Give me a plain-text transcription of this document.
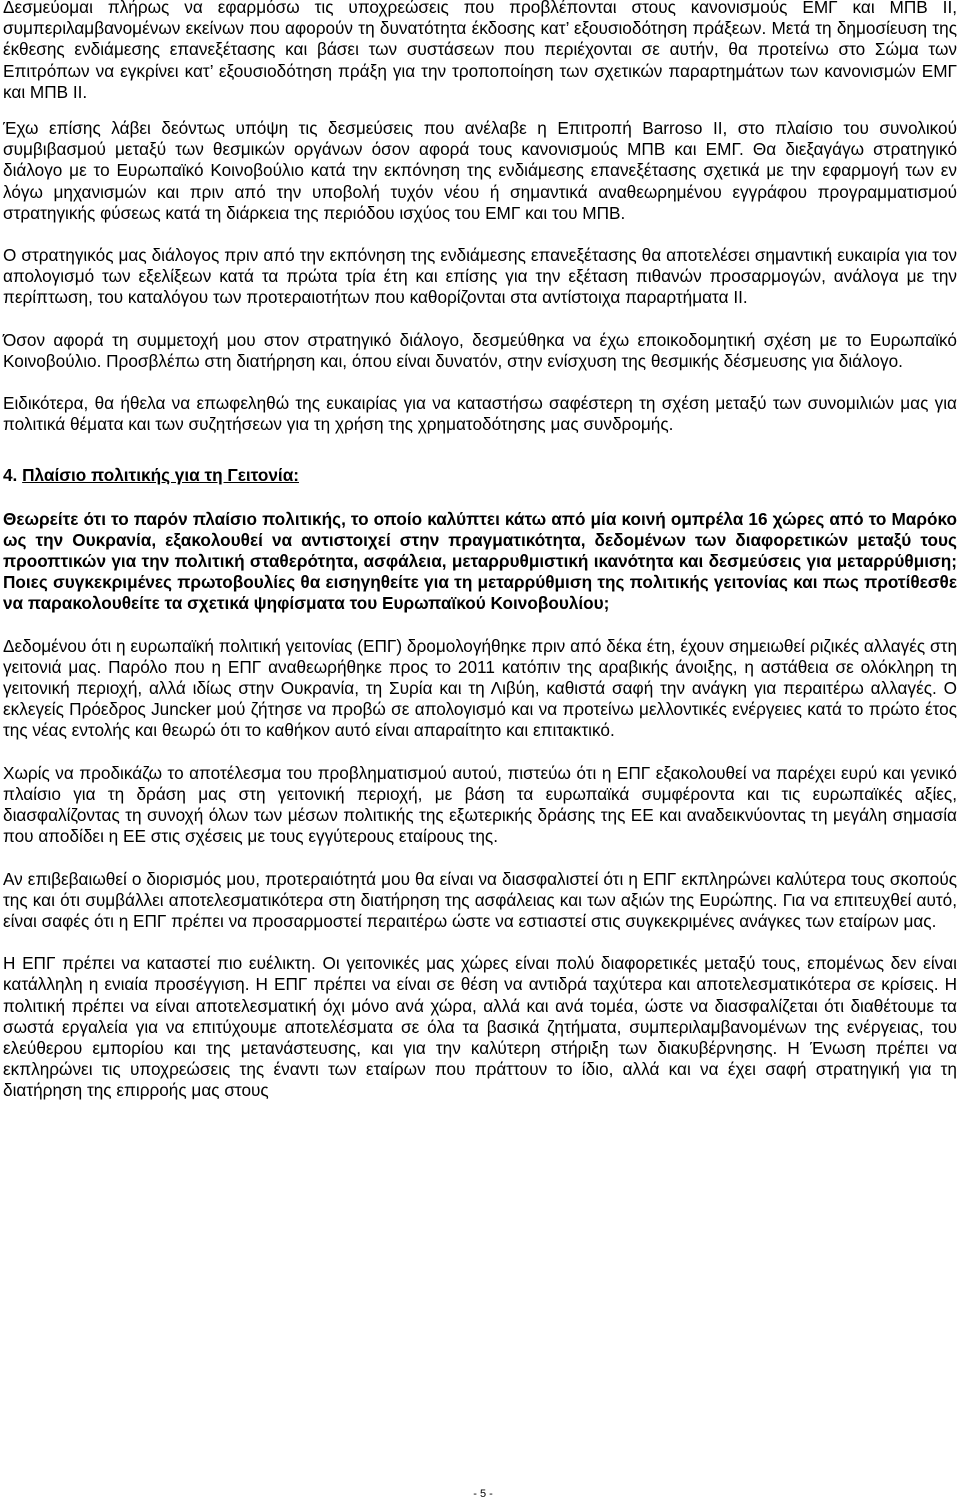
Δεσμεύομαι πλήρως να εφαρμόσω τις υποχρεώσεις που προβλέπονται στους κανονισμούς ΕΜΓ και ΜΠΒ ΙΙ, συμπεριλαμβανομένων εκείνων που αφορούν τη δυνατότητα έκδοσης κατ’ εξουσιοδότηση πράξεων. Μετά τη δημοσίευση της έκθεσης ενδιάμεσης επανεξέτασης και βάσει των συστάσεων που περιέχονται σε αυτήν, θα προτείνω στο Σώμα των Επιτρόπων να εγκρίνει κατ’ εξουσιοδότηση πράξη για την τροποποίηση των σχετικών παραρτημάτων των κανονισμών ΕΜΓ και ΜΠΒ ΙΙ.

Έχω επίσης λάβει δεόντως υπόψη τις δεσμεύσεις που ανέλαβε η Επιτροπή Barroso II, στο πλαίσιο του συνολικού συμβιβασμού μεταξύ των θεσμικών οργάνων όσον αφορά τους κανονισμούς ΜΠΒ και ΕΜΓ. Θα διεξαγάγω στρατηγικό διάλογο με το Ευρωπαϊκό Κοινοβούλιο κατά την εκπόνηση της ενδιάμεσης επανεξέτασης σχετικά με την εφαρμογή των εν λόγω μηχανισμών και πριν από την υποβολή τυχόν νέου ή σημαντικά αναθεωρημένου εγγράφου προγραμματισμού στρατηγικής φύσεως κατά τη διάρκεια της περιόδου ισχύος του ΕΜΓ και του ΜΠΒ.

Ο στρατηγικός μας διάλογος πριν από την εκπόνηση της ενδιάμεσης επανεξέτασης θα αποτελέσει σημαντική ευκαιρία για τον απολογισμό των εξελίξεων κατά τα πρώτα τρία έτη και επίσης για την εξέταση πιθανών προσαρμογών, ανάλογα με την περίπτωση, του καταλόγου των προτεραιοτήτων που καθορίζονται στα αντίστοιχα παραρτήματα ΙΙ.

Όσον αφορά τη συμμετοχή μου στον στρατηγικό διάλογο, δεσμεύθηκα να έχω εποικοδομητική σχέση με το Ευρωπαϊκό Κοινοβούλιο. Προσβλέπω στη διατήρηση και, όπου είναι δυνατόν, στην ενίσχυση της θεσμικής δέσμευσης για διάλογο.

Ειδικότερα, θα ήθελα να επωφεληθώ της ευκαιρίας για να καταστήσω σαφέστερη τη σχέση μεταξύ των συνομιλιών μας για πολιτικά θέματα και των συζητήσεων για τη χρήση της χρηματοδότησης μας συνδρομής.

4. Πλαίσιο πολιτικής για τη Γειτονία:

Θεωρείτε ότι το παρόν πλαίσιο πολιτικής, το οποίο καλύπτει κάτω από μία κοινή ομπρέλα 16 χώρες από το Μαρόκο ως την Ουκρανία, εξακολουθεί να αντιστοιχεί στην πραγματικότητα, δεδομένων των διαφορετικών μεταξύ τους προοπτικών για την πολιτική σταθερότητα, ασφάλεια, μεταρρυθμιστική ικανότητα και δεσμεύσεις για μεταρρύθμιση; Ποιες συγκεκριμένες πρωτοβουλίες θα εισηγηθείτε για τη μεταρρύθμιση της πολιτικής γειτονίας και πως προτίθεσθε να παρακολουθείτε τα σχετικά ψηφίσματα του Ευρωπαϊκού Κοινοβουλίου;

Δεδομένου ότι η ευρωπαϊκή πολιτική γειτονίας (ΕΠΓ) δρομολογήθηκε πριν από δέκα έτη, έχουν σημειωθεί ριζικές αλλαγές στη γειτονιά μας. Παρόλο που η ΕΠΓ αναθεωρήθηκε προς το 2011 κατόπιν της αραβικής άνοιξης, η αστάθεια σε ολόκληρη τη γειτονική περιοχή, αλλά ιδίως στην Ουκρανία, τη Συρία και τη Λιβύη, καθιστά σαφή την ανάγκη για περαιτέρω αλλαγές. Ο εκλεγείς Πρόεδρος Juncker μού ζήτησε να προβώ σε απολογισμό και να προτείνω μελλοντικές ενέργειες κατά το πρώτο έτος της νέας εντολής και θεωρώ ότι το καθήκον αυτό είναι απαραίτητο και επιτακτικό.

Χωρίς να προδικάζω το αποτέλεσμα του προβληματισμού αυτού, πιστεύω ότι η ΕΠΓ εξακολουθεί να παρέχει ευρύ και γενικό πλαίσιο για τη δράση μας στη γειτονική περιοχή, με βάση τα ευρωπαϊκά συμφέροντα και τις ευρωπαϊκές αξίες, διασφαλίζοντας τη συνοχή όλων των μέσων πολιτικής της εξωτερικής δράσης της ΕΕ και αναδεικνύοντας τη μεγάλη σημασία που αποδίδει η ΕΕ στις σχέσεις με τους εγγύτερους εταίρους της.

Αν επιβεβαιωθεί ο διορισμός μου, προτεραιότητά μου θα είναι να διασφαλιστεί ότι η ΕΠΓ εκπληρώνει καλύτερα τους σκοπούς της και ότι συμβάλλει αποτελεσματικότερα στη διατήρηση της ασφάλειας και των αξιών της Ευρώπης. Για να επιτευχθεί αυτό, είναι σαφές ότι η ΕΠΓ πρέπει να προσαρμοστεί περαιτέρω ώστε να εστιαστεί στις συγκεκριμένες ανάγκες των εταίρων μας.

Η ΕΠΓ πρέπει να καταστεί πιο ευέλικτη. Οι γειτονικές μας χώρες είναι πολύ διαφορετικές μεταξύ τους, επομένως δεν είναι κατάλληλη η ενιαία προσέγγιση. Η ΕΠΓ πρέπει να είναι σε θέση να αντιδρά ταχύτερα και αποτελεσματικότερα σε κρίσεις. Η πολιτική πρέπει να είναι αποτελεσματική όχι μόνο ανά χώρα, αλλά και ανά τομέα, ώστε να διασφαλίζεται ότι διαθέτουμε τα σωστά εργαλεία για να επιτύχουμε αποτελέσματα σε όλα τα βασικά ζητήματα, συμπεριλαμβανομένων της ενέργειας, του ελεύθερου εμπορίου και της μετανάστευσης, και για την καλύτερη στήριξη των διακυβέρνησης. Η Ένωση πρέπει να εκπληρώνει τις υποχρεώσεις της έναντι των εταίρων που πράττουν το ίδιο, αλλά και να έχει σαφή στρατηγική για τη διατήρηση της επιρροής μας στους

- 5 -
